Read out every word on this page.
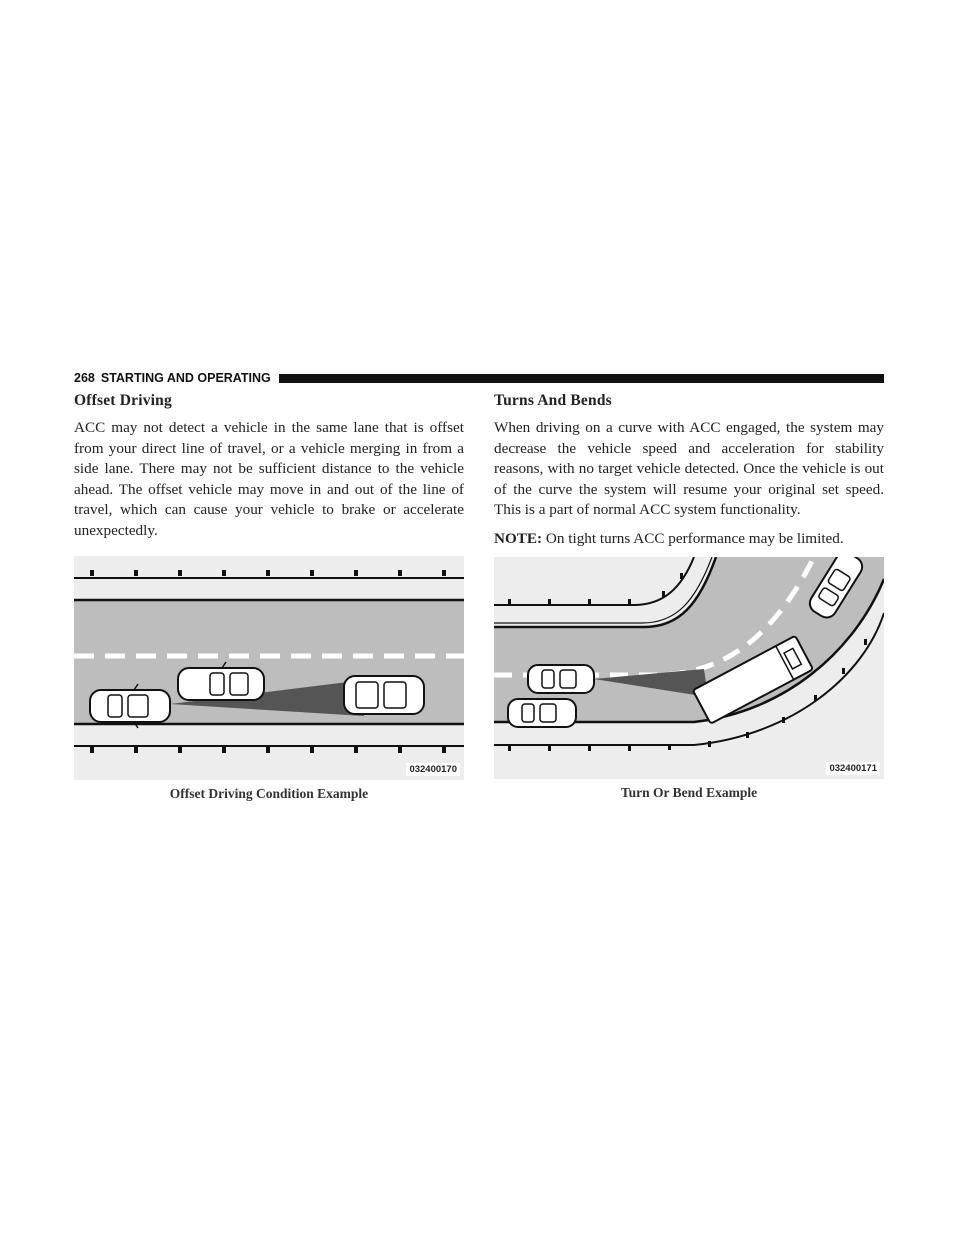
268 STARTING AND OPERATING
Offset Driving

ACC may not detect a vehicle in the same lane that is offset from your direct line of travel, or a vehicle merging in from a side lane. There may not be sufficient distance to the vehicle ahead. The offset vehicle may move in and out of the line of travel, which can cause your vehicle to brake or accelerate unexpectedly.

032400170
Offset Driving Condition Example
Turns And Bends

When driving on a curve with ACC engaged, the system may decrease the vehicle speed and acceleration for stability reasons, with no target vehicle detected. Once the vehicle is out of the curve the system will resume your original set speed. This is a part of normal ACC system functionality.

NOTE: On tight turns ACC performance may be limited.

032400171
Turn Or Bend Example
